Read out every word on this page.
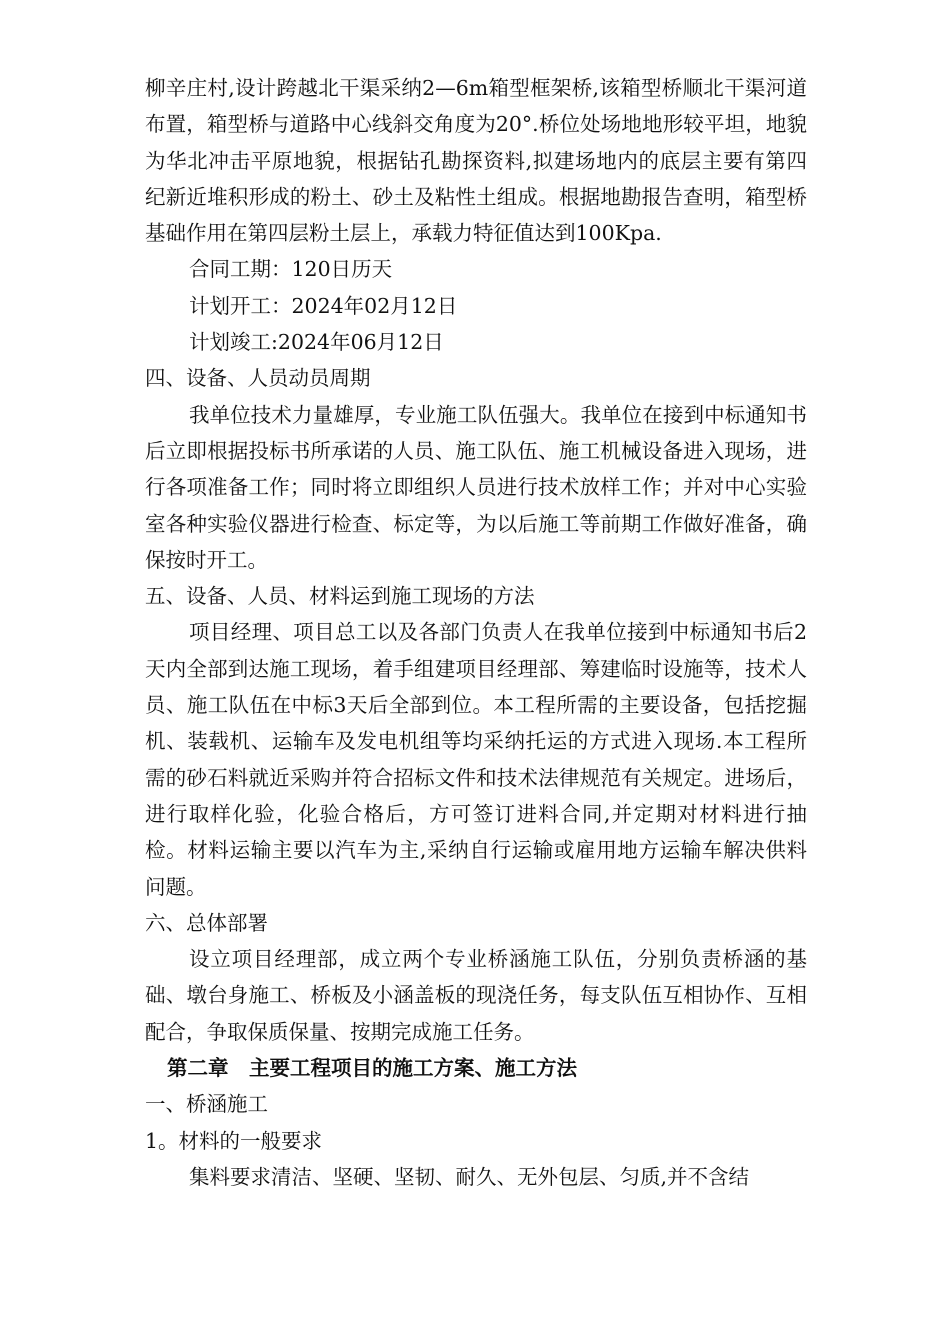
柳辛庄村,设计跨越北干渠采纳2—6m箱型框架桥,该箱型桥顺北干渠河道布置，箱型桥与道路中心线斜交角度为20°.桥位处场地地形较平坦，地貌为华北冲击平原地貌，根据钻孔勘探资料,拟建场地内的底层主要有第四纪新近堆积形成的粉土、砂土及粘性土组成。根据地勘报告查明，箱型桥基础作用在第四层粉土层上，承载力特征值达到100Kpa.

合同工期：120日历天

计划开工：2024年02月12日

计划竣工:2024年06月12日

四、设备、人员动员周期

我单位技术力量雄厚，专业施工队伍强大。我单位在接到中标通知书后立即根据投标书所承诺的人员、施工队伍、施工机械设备进入现场，进行各项准备工作；同时将立即组织人员进行技术放样工作；并对中心实验室各种实验仪器进行检查、标定等，为以后施工等前期工作做好准备，确保按时开工。

五、设备、人员、材料运到施工现场的方法

项目经理、项目总工以及各部门负责人在我单位接到中标通知书后2天内全部到达施工现场，着手组建项目经理部、筹建临时设施等，技术人员、施工队伍在中标3天后全部到位。本工程所需的主要设备，包括挖掘机、装载机、运输车及发电机组等均采纳托运的方式进入现场.本工程所需的砂石料就近采购并符合招标文件和技术法律规范有关规定。进场后，进行取样化验，化验合格后，方可签订进料合同,并定期对材料进行抽检。材料运输主要以汽车为主,采纳自行运输或雇用地方运输车解决供料问题。

六、总体部署

设立项目经理部，成立两个专业桥涵施工队伍，分别负责桥涵的基础、墩台身施工、桥板及小涵盖板的现浇任务，每支队伍互相协作、互相配合，争取保质保量、按期完成施工任务。

第二章　主要工程项目的施工方案、施工方法

一、桥涵施工

1。材料的一般要求

集料要求清洁、坚硬、坚韧、耐久、无外包层、匀质,并不含结
